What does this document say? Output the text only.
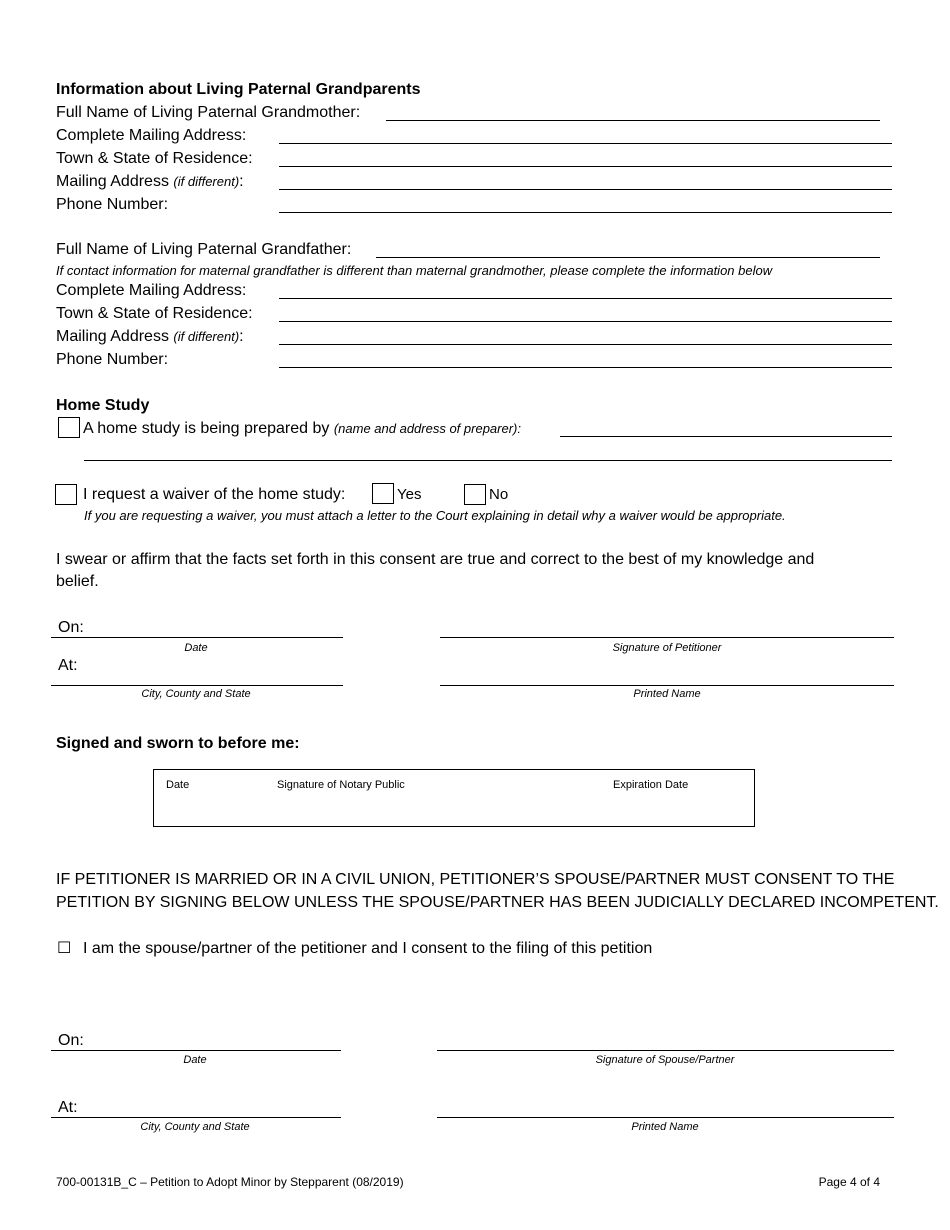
Information about Living Paternal Grandparents
Full Name of Living Paternal Grandmother:
Complete Mailing Address:
Town & State of Residence:
Mailing Address (if different):
Phone Number:
Full Name of Living Paternal Grandfather:
If contact information for maternal grandfather is different than maternal grandmother, please complete the information below
Complete Mailing Address:
Town & State of Residence:
Mailing Address (if different):
Phone Number:
Home Study
A home study is being prepared by (name and address of preparer):
I request a waiver of the home study:	Yes	No
If you are requesting a waiver, you must attach a letter to the Court explaining in detail why a waiver would be appropriate.
I swear or affirm that the facts set forth in this consent are true and correct to the best of my knowledge and
belief.
On:
Date	Signature of Petitioner
At:
City, County and State	Printed Name
Signed and sworn to before me:
Date	Signature of Notary Public	Expiration Date
IF PETITIONER IS MARRIED OR IN A CIVIL UNION, PETITIONER’S SPOUSE/PARTNER MUST CONSENT TO THE
PETITION BY SIGNING BELOW UNLESS THE SPOUSE/PARTNER HAS BEEN JUDICIALLY DECLARED INCOMPETENT.
☐ I am the spouse/partner of the petitioner and I consent to the filing of this petition
On:
Date	Signature of Spouse/Partner
At:
City, County and State	Printed Name
700-00131B_C – Petition to Adopt Minor by Stepparent (08/2019)	Page 4 of 4
